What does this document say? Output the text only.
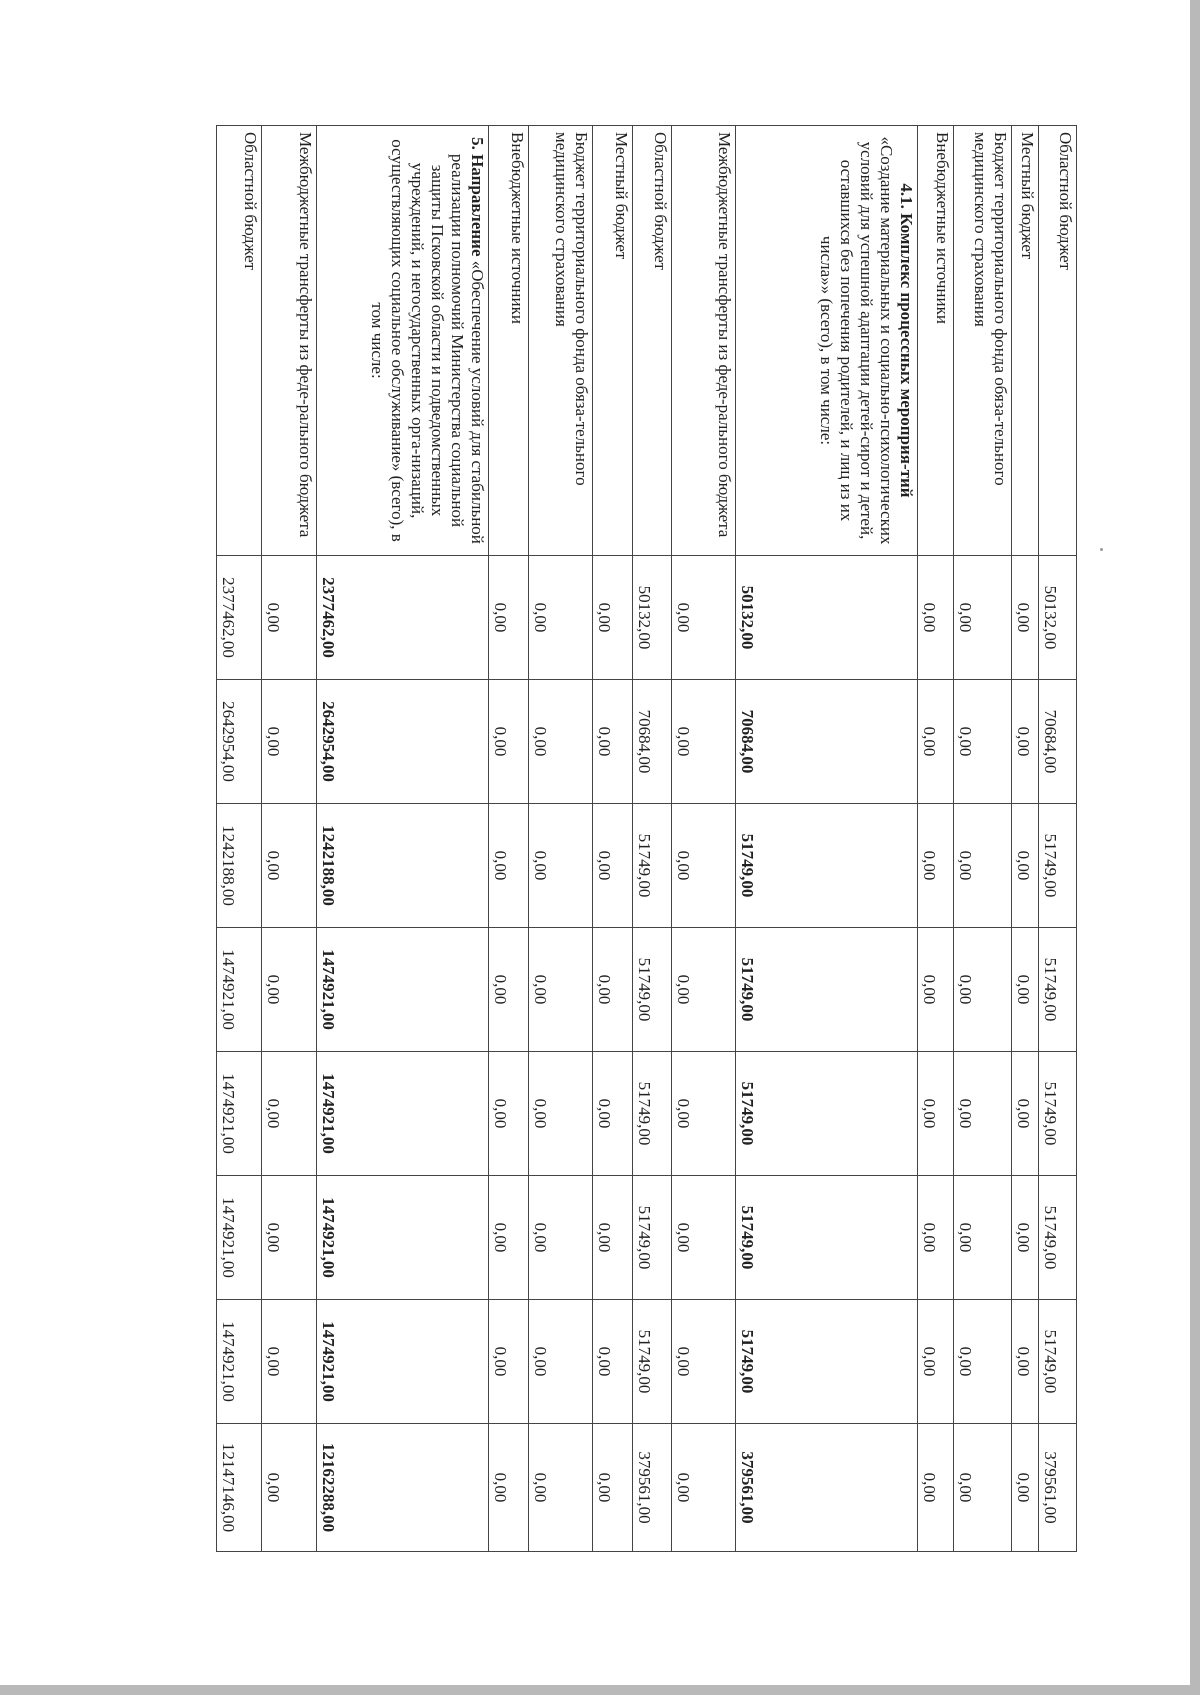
Областной бюджет	50132,00	70684,00	51749,00	51749,00	51749,00	51749,00	51749,00	379561,00
Местный бюджет	0,00	0,00	0,00	0,00	0,00	0,00	0,00	0,00
Бюджет территориального фонда обяза-тельного медицинского страхования	0,00	0,00	0,00	0,00	0,00	0,00	0,00	0,00
Внебюджетные источники	0,00	0,00	0,00	0,00	0,00	0,00	0,00	0,00
4.1. Комплекс процессных мероприя-тий
«Создание материальных и социально-психологических условий для успешной адаптации детей-сирот и детей, оставшихся без попечения родителей, и лиц из их числа»» (всего), в том числе:	50132,00	70684,00	51749,00	51749,00	51749,00	51749,00	51749,00	379561,00
Межбюджетные трансферты из феде-рального бюджета	0,00	0,00	0,00	0,00	0,00	0,00	0,00	0,00
Областной бюджет	50132,00	70684,00	51749,00	51749,00	51749,00	51749,00	51749,00	379561,00
Местный бюджет	0,00	0,00	0,00	0,00	0,00	0,00	0,00	0,00
Бюджет территориального фонда обяза-тельного медицинского страхования	0,00	0,00	0,00	0,00	0,00	0,00	0,00	0,00
Внебюджетные источники	0,00	0,00	0,00	0,00	0,00	0,00	0,00	0,00
5. Направление «Обеспечение условий для стабильной реализации полномочий Министерства социальной защиты Псковской области и подведомственных учреждений, и негосударственных орга-низаций, осуществляющих социальное обслуживание» (всего), в том числе:	2377462,00	2642954,00	1242188,00	1474921,00	1474921,00	1474921,00	1474921,00	12162288,00
Межбюджетные трансферты из феде-рального бюджета	0,00	0,00	0,00	0,00	0,00	0,00	0,00	0,00
Областной бюджет	2377462,00	2642954,00	1242188,00	1474921,00	1474921,00	1474921,00	1474921,00	12147146,00
